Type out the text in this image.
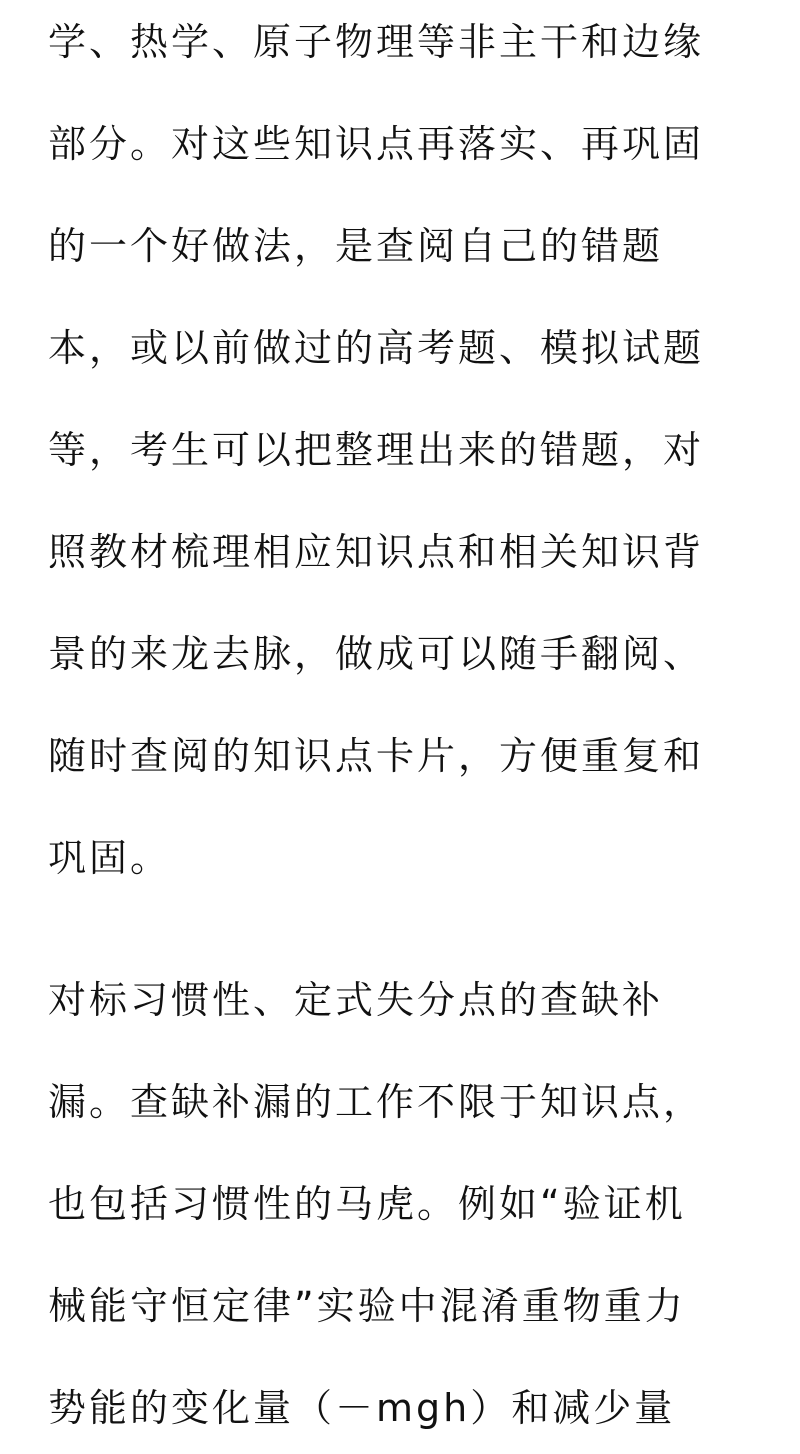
学、热学、原子物理等非主干和边缘
部分。对这些知识点再落实、再巩固
的一个好做法，是查阅自己的错题
本，或以前做过的高考题、模拟试题
等，考生可以把整理出来的错题，对
照教材梳理相应知识点和相关知识背
景的来龙去脉，做成可以随手翻阅、
随时查阅的知识点卡片，方便重复和
巩固。
对标习惯性、定式失分点的查缺补
漏。查缺补漏的工作不限于知识点，
也包括习惯性的马虎。例如“验证机
械能守恒定律”实验中混淆重物重力
势能的变化量（－mgh）和减少量
